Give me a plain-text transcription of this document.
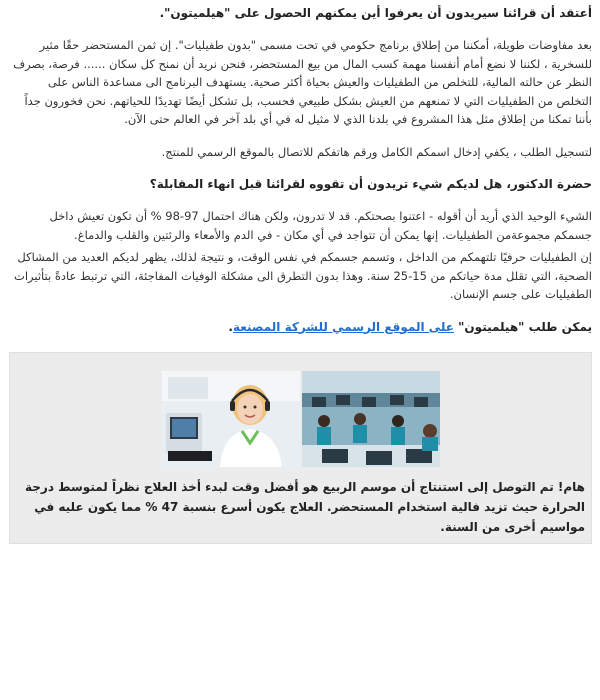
أعتقد أن قرائنا سيريدون أن يعرفوا أين يمكنهم الحصول على "هيلميتون".

بعد مفاوضات طويلة، أمكننا من إطلاق برنامج حكومي في تحت مسمى "بدون طفيليات". إن ثمن المستحضر حقًا مثير للسخرية ، لكننا لا نضع أمام أنفسنا مهمة كسب المال من بيع المستحضر، فنحن نريد أن نمنح كل سكان ...... فرصة، بصرف النظر عن حالته المالية، للتخلص من الطفيليات والعيش بحياة أكثر صحية. يستهدف البرنامج الى مساعدة الناس على التخلص من الطفيليات التي لا تمنعهم من العيش بشكل طبيعي فحسب، بل تشكل أيضًا تهديدًا للحياتهم. نحن فخورون جداً بأننا تمكنا من إطلاق مثل هذا المشروع في بلدنا الذي لا مثيل له في أي بلد آخر في العالم حتى الآن.

لتسجيل الطلب ، يكفي إدخال اسمكم الكامل ورقم هاتفكم للاتصال بالموقع الرسمي للمنتج.

حضرة الدكتور، هل لديكم شيء تريدون أن تقووه لقرائنا قبل انهاء المقابلة؟

الشيء الوحيد الذي أريد أن أقوله - اعتنوا بصحتكم. قد لا تدرون، ولكن هناك احتمال 97-98 % أن تكون تعيش داخل جسمكم مجموعةمن الطفيليات. إنها يمكن أن تتواجد في أي مكان - في الدم والأمعاء والرئتين والقلب والدماغ.

إن الطفيليات حرفيًا تلتهمكم من الداخل ، وتسمم جسمكم في نفس الوقت، و نتيجة لذلك، يظهر لديكم العديد من المشاكل الصحية، التي تقلل مدة حياتكم من 15-25 سنة. وهذا بدون التطرق الى مشكلة الوفيات المفاجئة، التي ترتبط عادةً بتأثيرات الطفيليات على جسم الإنسان.

يمكن طلب "هيلميتون" على الموقع الرسمي للشركة المصنعة.

هام! تم التوصل إلى استنتاج أن موسم الربيع هو أفضل وقت لبدء أخذ العلاج نظراً لمتوسط درجة الحرارة حيث تزيد فالية استخدام المستحضر. العلاج يكون أسرع بنسبة 47 % مما يكون عليه في مواسيم أخرى من السنة.
